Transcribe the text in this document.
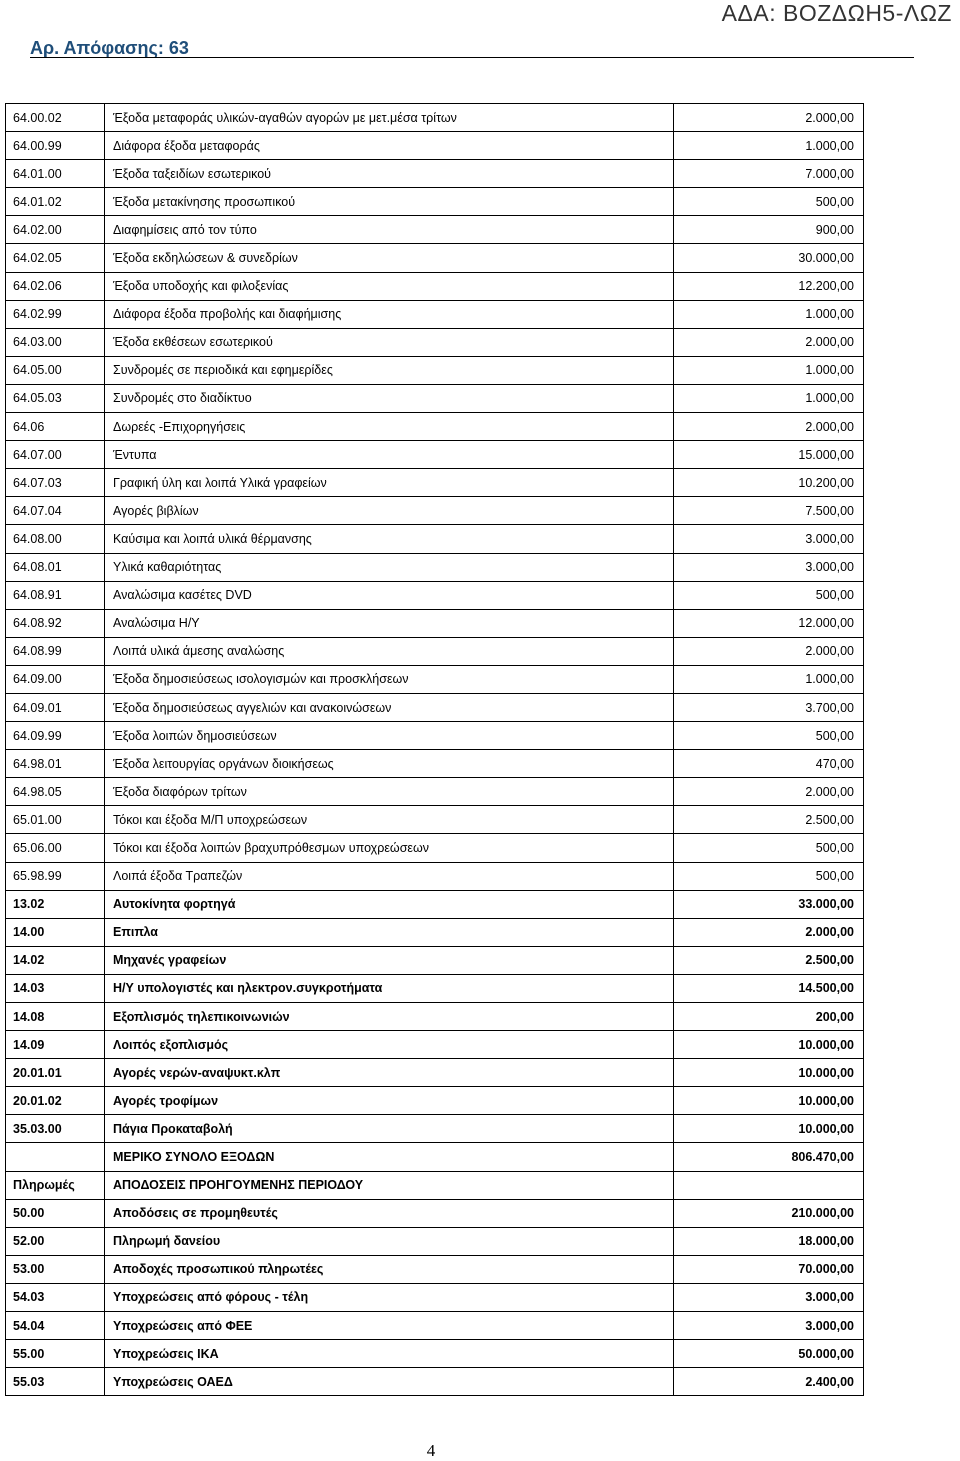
ΑΔΑ: ΒΟΖΔΩΗ5-ΛΩΖ
Αρ. Απόφασης: 63
64.00.02	Έξοδα μεταφοράς υλικών-αγαθών αγορών με μετ.μέσα τρίτων	2.000,00
64.00.99	Διάφορα έξοδα μεταφοράς	1.000,00
64.01.00	Έξοδα ταξειδίων εσωτερικού	7.000,00
64.01.02	Έξοδα μετακίνησης προσωπικού	500,00
64.02.00	Διαφημίσεις από τον τύπο	900,00
64.02.05	Έξοδα εκδηλώσεων & συνεδρίων	30.000,00
64.02.06	Έξοδα υποδοχής και φιλοξενίας	12.200,00
64.02.99	Διάφορα έξοδα προβολής και διαφήμισης	1.000,00
64.03.00	Έξοδα εκθέσεων εσωτερικού	2.000,00
64.05.00	Συνδρομές σε περιοδικά και εφημερίδες	1.000,00
64.05.03	Συνδρομές στο διαδίκτυο	1.000,00
64.06	Δωρεές -Επιχορηγήσεις	2.000,00
64.07.00	Έντυπα	15.000,00
64.07.03	Γραφική ύλη και λοιπά Υλικά γραφείων	10.200,00
64.07.04	Αγορές βιβλίων	7.500,00
64.08.00	Καύσιμα και λοιπά υλικά θέρμανσης	3.000,00
64.08.01	Υλικά καθαριότητας	3.000,00
64.08.91	Αναλώσιμα κασέτες DVD	500,00
64.08.92	Αναλώσιμα Η/Υ	12.000,00
64.08.99	Λοιπά υλικά άμεσης αναλώσης	2.000,00
64.09.00	Έξοδα δημοσιεύσεως ισολογισμών και προσκλήσεων	1.000,00
64.09.01	Έξοδα δημοσιεύσεως αγγελιών και ανακοινώσεων	3.700,00
64.09.99	Έξοδα λοιπών δημοσιεύσεων	500,00
64.98.01	Έξοδα λειτουργίας οργάνων διοικήσεως	470,00
64.98.05	Έξοδα διαφόρων τρίτων	2.000,00
65.01.00	Τόκοι και έξοδα Μ/Π υποχρεώσεων	2.500,00
65.06.00	Τόκοι και έξοδα λοιπών βραχυπρόθεσμων υποχρεώσεων	500,00
65.98.99	Λοιπά έξοδα Τραπεζών	500,00
13.02	Αυτοκίνητα φορτηγά	33.000,00
14.00	Επιπλα	2.000,00
14.02	Μηχανές γραφείων	2.500,00
14.03	Η/Υ υπολογιστές και ηλεκτρον.συγκροτήματα	14.500,00
14.08	Εξοπλισμός τηλεπικοινωνιών	200,00
14.09	Λοιπός εξοπλισμός	10.000,00
20.01.01	Αγορές νερών-αναψυκτ.κλπ	10.000,00
20.01.02	Αγορές τροφίμων	10.000,00
35.03.00	Πάγια Προκαταβολή	10.000,00
	ΜΕΡΙΚΟ ΣΥΝΟΛΟ ΕΞΟΔΩΝ	806.470,00
Πληρωμές	ΑΠΟΔΟΣΕΙΣ ΠΡΟΗΓΟΥΜΕΝΗΣ ΠΕΡΙΟΔΟΥ	
50.00	Αποδόσεις σε προμηθευτές	210.000,00
52.00	Πληρωμή δανείου	18.000,00
53.00	Αποδοχές προσωπικού πληρωτέες	70.000,00
54.03	Υποχρεώσεις από φόρους - τέλη	3.000,00
54.04	Υποχρεώσεις από ΦΕΕ	3.000,00
55.00	Υποχρεώσεις ΙΚΑ	50.000,00
55.03	Υποχρεώσεις ΟΑΕΔ	2.400,00
4
